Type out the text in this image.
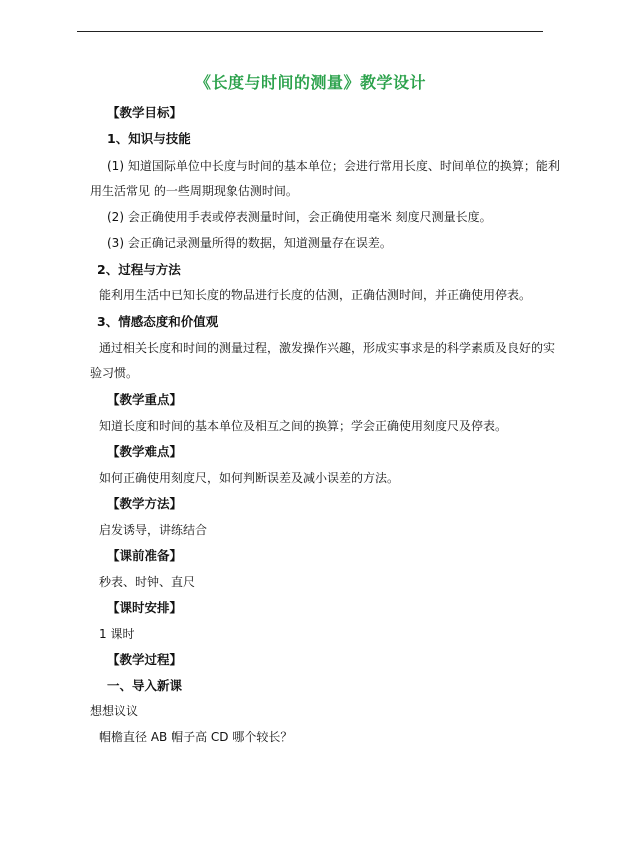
《长度与时间的测量》教学设计
【教学目标】
1、知识与技能
(1) 知道国际单位中长度与时间的基本单位；会进行常用长度、时间单位的换算；能利
用生活常见 的一些周期现象估测时间。
(2) 会正确使用手表或停表测量时间，会正确使用毫米 刻度尺测量长度。
(3) 会正确记录测量所得的数据，知道测量存在误差。
2、过程与方法
能利用生活中已知长度的物品进行长度的估测，正确估测时间，并正确使用停表。
3、情感态度和价值观
通过相关长度和时间的测量过程，激发操作兴趣，形成实事求是的科学素质及良好的实
验习惯。
【教学重点】
知道长度和时间的基本单位及相互之间的换算；学会正确使用刻度尺及停表。
【教学难点】
如何正确使用刻度尺，如何判断误差及减小误差的方法。
【教学方法】
启发诱导，讲练结合
【课前准备】
秒表、时钟、直尺
【课时安排】
1 课时
【教学过程】
一、导入新课
想想议议
帽檐直径 AB 帽子高 CD 哪个较长？
